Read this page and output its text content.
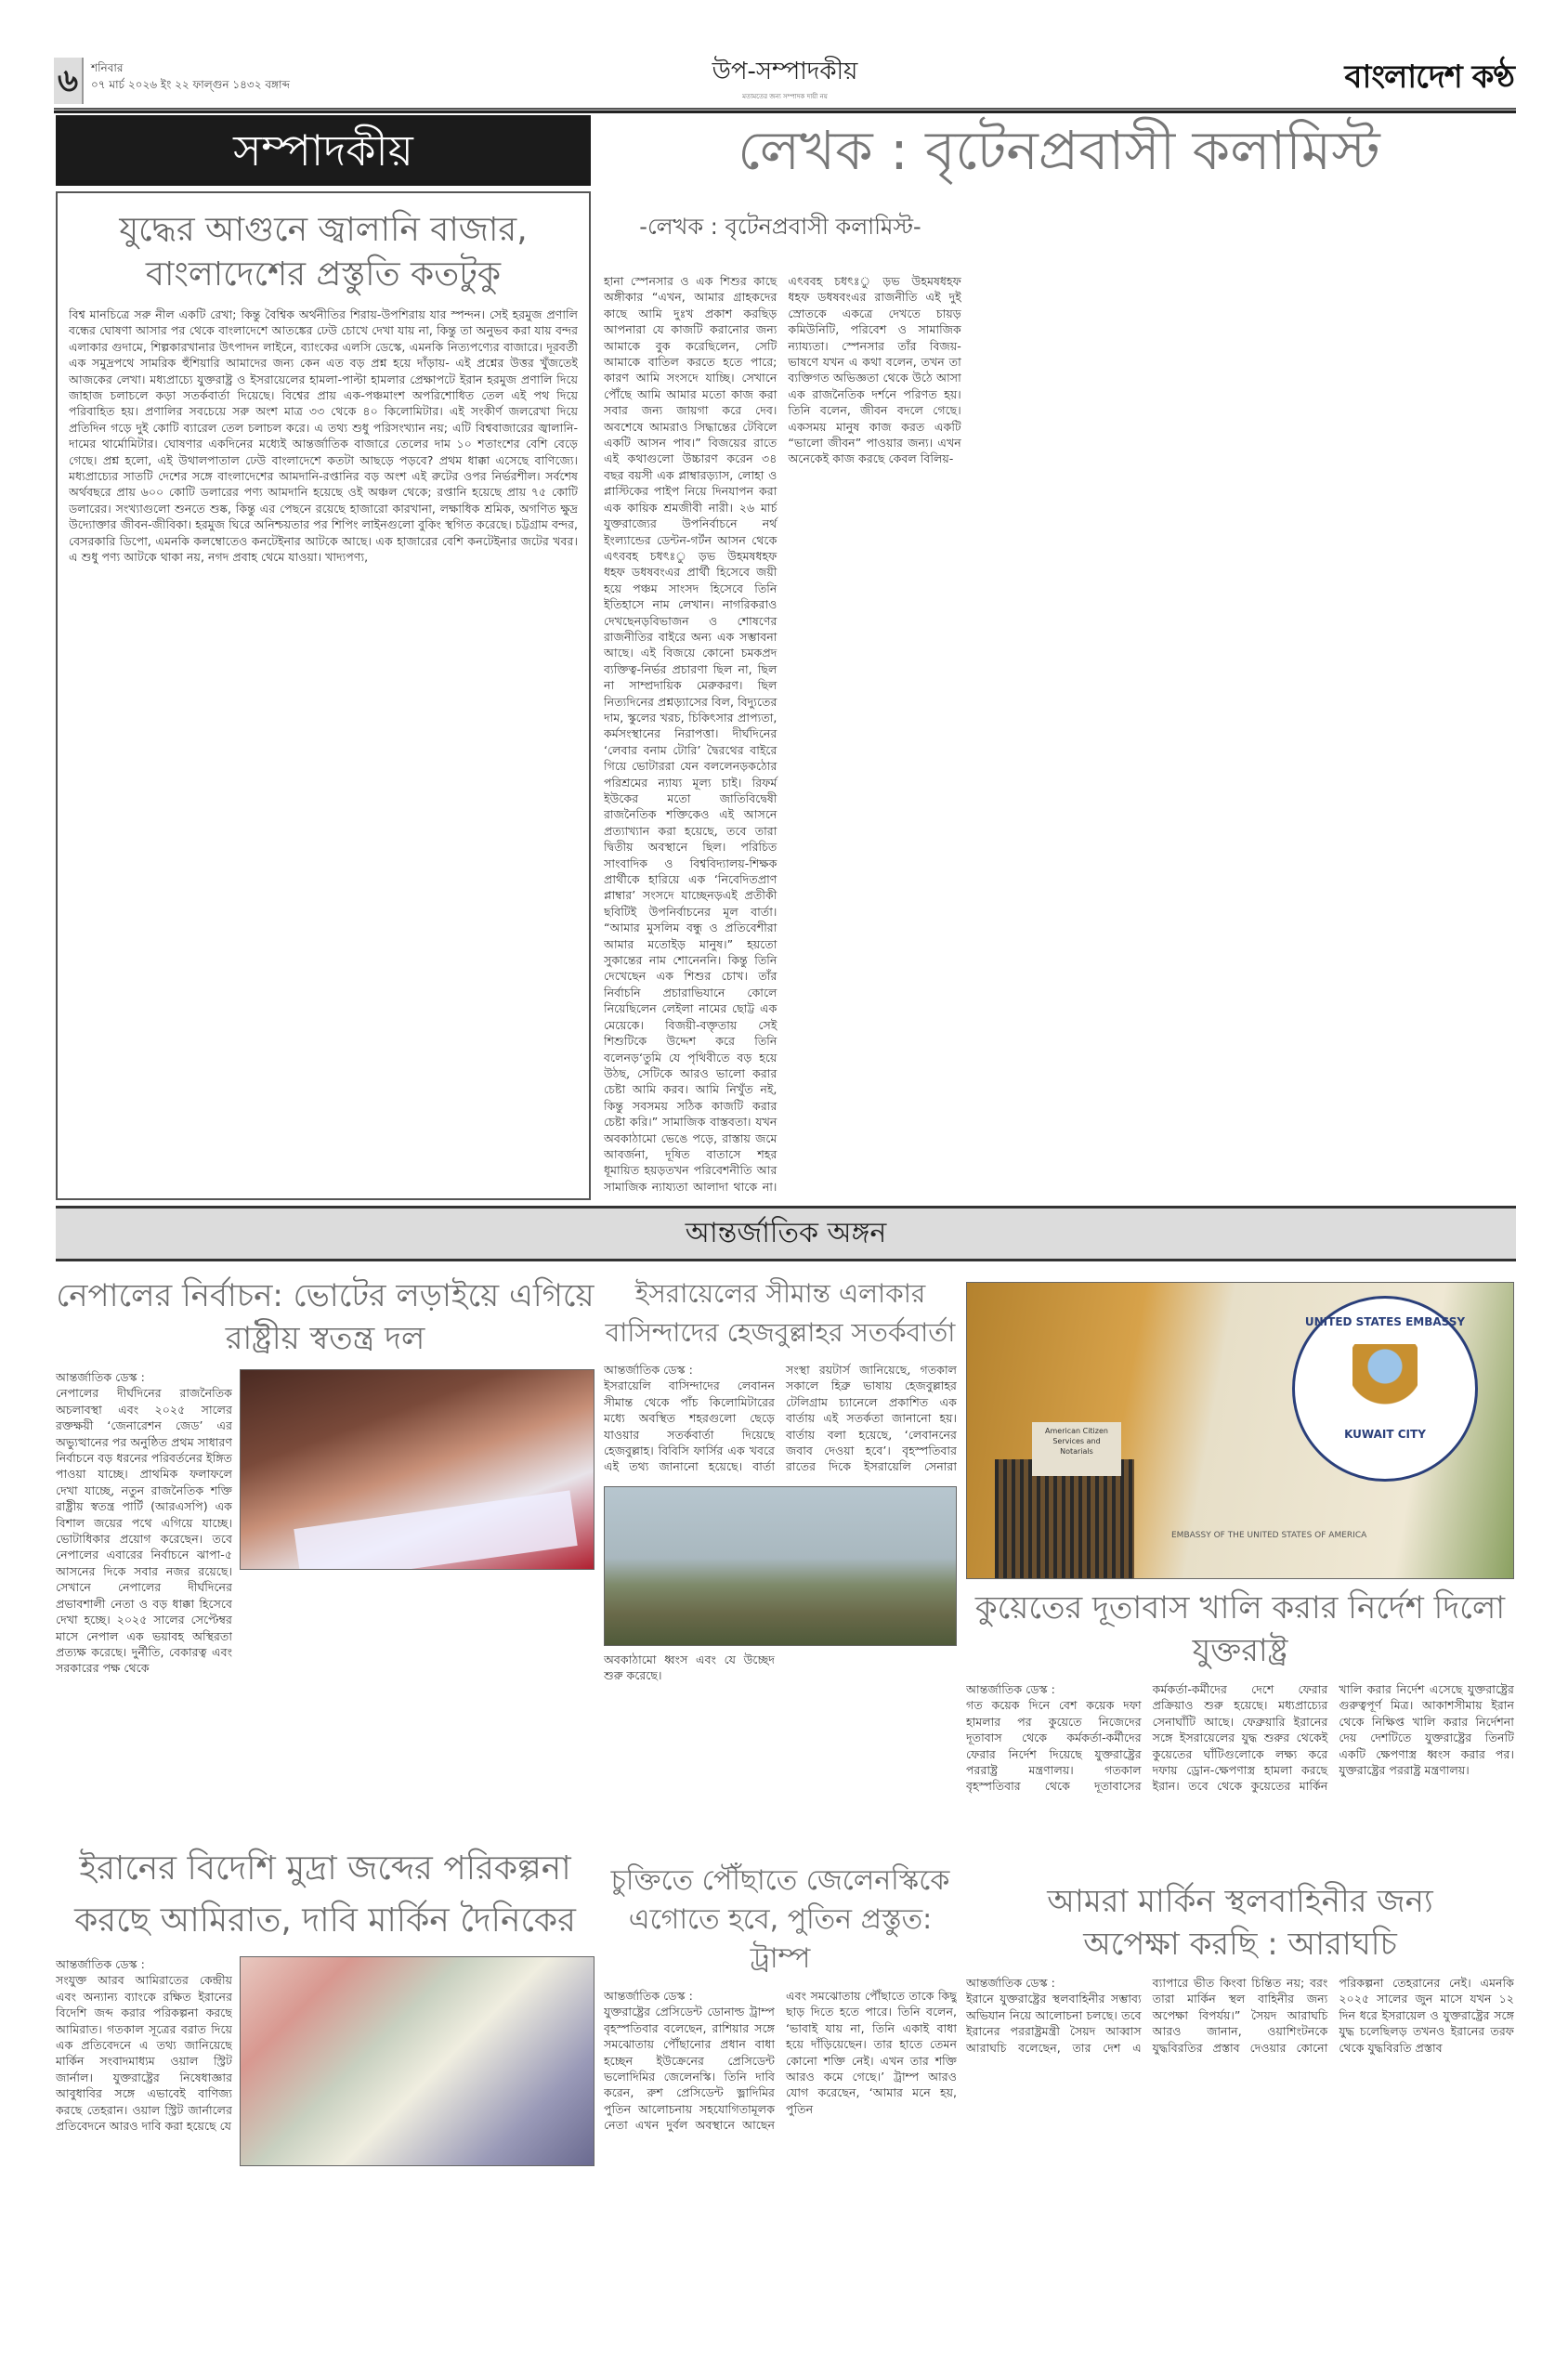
৬	শনিবার
০৭ মার্চ ২০২৬ ইং ২২ ফাল্গুন ১৪৩২ বঙ্গাব্দ	উপ-সম্পাদকীয়
মতামতের জন্য সম্পাদক দায়ী নয়
বাংলাদেশ কণ্ঠ
সম্পাদকীয়	লেখক : বৃটেনপ্রবাসী কলামিস্ট
যুদ্ধের আগুনে জ্বালানি বাজার, বাংলাদেশের প্রস্তুতি কতটুকু
বিশ্ব মানচিত্রে সরু নীল একটি রেখা; কিন্তু বৈশ্বিক অর্থনীতির শিরায়-উপশিরায় যার স্পন্দন। সেই হরমুজ প্রণালি বন্ধের ঘোষণা আসার পর থেকে বাংলাদেশে আতঙ্কের ঢেউ চোখে দেখা যায় না, কিন্তু তা অনুভব করা যায় বন্দর এলাকার গুদামে, শিল্পকারখানার উৎপাদন লাইনে, ব্যাংকের এলসি ডেস্কে, এমনকি নিত্যপণ্যের বাজারে। দূরবর্তী এক সমুদ্রপথে সামরিক হুঁশিয়ারি আমাদের জন্য কেন এত বড় প্রশ্ন হয়ে দাঁড়ায়- এই প্রশ্নের উত্তর খুঁজতেই আজকের লেখা। মধ্যপ্রাচ্যে যুক্তরাষ্ট্র ও ইসরায়েলের হামলা-পাল্টা হামলার প্রেক্ষাপটে ইরান হরমুজ প্রণালি দিয়ে জাহাজ চলাচলে কড়া সতর্কবার্তা দিয়েছে। বিশ্বের প্রায় এক-পঞ্চমাংশ অপরিশোধিত তেল এই পথ দিয়ে পরিবাহিত হয়। প্রণালির সবচেয়ে সরু অংশ মাত্র ৩৩ থেকে ৪০ কিলোমিটার। এই সংকীর্ণ জলরেখা দিয়ে প্রতিদিন গড়ে দুই কোটি ব্যারেল তেল চলাচল করে। এ তথ্য শুধু পরিসংখ্যান নয়; এটি বিশ্ববাজারের জ্বালানি-দামের থার্মোমিটার। ঘোষণার একদিনের মধ্যেই আন্তর্জাতিক বাজারে তেলের দাম ১০ শতাংশের বেশি বেড়ে গেছে। প্রশ্ন হলো, এই উথালপাতাল ঢেউ বাংলাদেশে কতটা আছড়ে পড়বে? প্রথম ধাক্কা এসেছে বাণিজ্যে। মধ্যপ্রাচ্যের সাতটি দেশের সঙ্গে বাংলাদেশের আমদানি-রপ্তানির বড় অংশ এই রুটের ওপর নির্ভরশীল। সর্বশেষ অর্থবছরে প্রায় ৬০০ কোটি ডলারের পণ্য আমদানি হয়েছে ওই অঞ্চল থেকে; রপ্তানি হয়েছে প্রায় ৭৫ কোটি ডলারের। সংখ্যাগুলো শুনতে শুষ্ক, কিন্তু এর পেছনে রয়েছে হাজারো কারখানা, লক্ষাধিক শ্রমিক, অগণিত ক্ষুদ্র উদ্যোক্তার জীবন-জীবিকা। হরমুজ ঘিরে অনিশ্চয়তার পর শিপিং লাইনগুলো বুকিং স্থগিত করেছে। চট্টগ্রাম বন্দর, বেসরকারি ডিপো, এমনকি কলম্বোতেও কনটেইনার আটকে আছে। এক হাজারের বেশি কনটেইনার জটের খবর। এ শুধু পণ্য আটকে থাকা নয়, নগদ প্রবাহ থেমে যাওয়া। খাদ্যপণ্য,
-লেখক : বৃটেনপ্রবাসী কলামিস্ট-
হানা স্পেনসার ও এক শিশুর কাছে অঙ্গীকার “এখন, আমার গ্রাহকদের কাছে আমি দুঃখ প্রকাশ করছিড় আপনারা যে কাজটি করানোর জন্য আমাকে বুক করেছিলেন, সেটি আমাকে বাতিল করতে হতে পারে; কারণ আমি সংসদে যাচ্ছি। সেখানে পৌঁছে আমি আমার মতো কাজ করা সবার জন্য জায়গা করে দেব। অবশেষে আমরাও সিদ্ধান্তের টেবিলে একটি আসন পাব।” বিজয়ের রাতে এই কথাগুলো উচ্চারণ করেন ৩৪ বছর বয়সী এক প্লাম্বারড়্যাস, লোহা ও প্লাস্টিকের পাইপ নিয়ে দিনযাপন করা এক কায়িক শ্রমজীবী নারী। ২৬ মার্চ যুক্তরাজ্যের উপনির্বাচনে নর্থ ইংল্যান্ডের ডেন্টন-গর্টন আসন থেকে এৎববহ চধৎঃু ড়ভ উহমষধহফ ধহফ ডধষবংএর প্রার্থী হিসেবে জয়ী হয়ে পঞ্চম সাংসদ হিসেবে তিনি ইতিহাসে নাম লেখান। নাগরিকরাও দেখছেনড়বিভাজন ও শোষণের রাজনীতির বাইরে অন্য এক সম্ভাবনা আছে। এই বিজয়ে কোনো চমকপ্রদ ব্যক্তিত্ব-নির্ভর প্রচারণা ছিল না, ছিল না সাম্প্রদায়িক মেরুকরণ। ছিল নিত্যদিনের প্রশ্নড়্যাসের বিল, বিদ্যুতের দাম, স্কুলের খরচ, চিকিৎসার প্রাপ্যতা, কর্মসংস্থানের নিরাপত্তা। দীর্ঘদিনের ‘লেবার বনাম টোরি’ দ্বৈরথের বাইরে গিয়ে ভোটাররা যেন বললেনড়কঠোর পরিশ্রমের ন্যায্য মূল্য চাই। রিফর্ম ইউকের মতো জাতিবিদ্বেষী রাজনৈতিক শক্তিকেও এই আসনে প্রত্যাখ্যান করা হয়েছে, তবে তারা দ্বিতীয় অবস্থানে ছিল। পরিচিত সাংবাদিক ও বিশ্ববিদ্যালয়-শিক্ষক প্রার্থীকে হারিয়ে এক ‘নিবেদিতপ্রাণ প্লাম্বার’ সংসদে যাচ্ছেনড়এই প্রতীকী ছবিটিই উপনির্বাচনের মূল বার্তা। “আমার মুসলিম বন্ধু ও প্রতিবেশীরা আমার মতোইড় মানুষ।” হয়তো সুকান্তের নাম শোনেননি। কিন্তু তিনি দেখেছেন এক শিশুর চোখ। তাঁর নির্বাচনি প্রচারাভিযানে কোলে নিয়েছিলেন লেইলা নামের ছোট্ট এক মেয়েকে। বিজয়ী-বক্তৃতায় সেই শিশুটিকে উদ্দেশ করে তিনি বলেনড়‘তুমি যে পৃথিবীতে বড় হয়ে উঠছ, সেটিকে আরও ভালো করার চেষ্টা আমি করব। আমি নিখুঁত নই, কিন্তু সবসময় সঠিক কাজটি করার চেষ্টা করি।” সামাজিক বাস্তবতা। যখন অবকাঠামো ভেঙে পড়ে, রাস্তায় জমে আবর্জনা, দূষিত বাতাসে শহর ধূমায়িত হয়ড়তখন পরিবেশনীতি আর সামাজিক ন্যায্যতা আলাদা থাকে না। এৎববহ চধৎঃু ড়ভ উহমষধহফ ধহফ ডধষবংএর রাজনীতি এই দুই স্রোতকে একত্রে দেখতে চায়ড় কমিউনিটি, পরিবেশ ও সামাজিক ন্যায্যতা। স্পেনসার তাঁর বিজয়-ভাষণে যখন এ কথা বলেন, তখন তা ব্যক্তিগত অভিজ্ঞতা থেকে উঠে আসা এক রাজনৈতিক দর্শনে পরিণত হয়। তিনি বলেন, জীবন বদলে গেছে। একসময় মানুষ কাজ করত একটি “ভালো জীবন” পাওয়ার জন্য। এখন অনেকেই কাজ করছে কেবল বিলিয়-
আন্তর্জাতিক অঙ্গন
নেপালের নির্বাচন: ভোটের লড়াইয়ে এগিয়ে রাষ্ট্রীয় স্বতন্ত্র দল
আন্তর্জাতিক ডেস্ক :
নেপালের দীর্ঘদিনের রাজনৈতিক অচলাবস্থা এবং ২০২৫ সালের রক্তক্ষয়ী ‘জেনারেশন জেড’ এর অভ্যুত্থানের পর অনুষ্ঠিত প্রথম সাধারণ নির্বাচনে বড় ধরনের পরিবর্তনের ইঙ্গিত পাওয়া যাচ্ছে। প্রাথমিক ফলাফলে দেখা যাচ্ছে, নতুন রাজনৈতিক শক্তি রাষ্ট্রীয় স্বতন্ত্র পার্টি (আরএসপি) এক বিশাল জয়ের পথে এগিয়ে যাচ্ছে। ভোটাধিকার প্রয়োগ করেছেন। তবে নেপালের এবারের নির্বাচনে ঝাপা-৫ আসনের দিকে সবার নজর রয়েছে। সেখানে নেপালের দীর্ঘদিনের প্রভাবশালী নেতা ও বড় ধাক্কা হিসেবে দেখা হচ্ছে। ২০২৫ সালের সেপ্টেম্বর মাসে নেপাল এক ভয়াবহ অস্থিরতা প্রত্যক্ষ করেছে। দুর্নীতি, বেকারত্ব এবং সরকারের পক্ষ থেকে
ইসরায়েলের সীমান্ত এলাকার বাসিন্দাদের হেজবুল্লাহর সতর্কবার্তা
আন্তর্জাতিক ডেস্ক :
ইসরায়েলি বাসিন্দাদের লেবানন সীমান্ত থেকে পাঁচ কিলোমিটারের মধ্যে অবস্থিত শহরগুলো ছেড়ে যাওয়ার সতর্কবার্তা দিয়েছে হেজবুল্লাহ। বিবিসি ফার্সির এক খবরে এই তথ্য জানানো হয়েছে। বার্তা সংস্থা রয়টার্স জানিয়েছে, গতকাল সকালে হিব্রু ভাষায় হেজবুল্লাহর টেলিগ্রাম চ্যানেলে প্রকাশিত এক বার্তায় এই সতর্কতা জানানো হয়। বার্তায় বলা হয়েছে, ‘লেবাননের জবাব দেওয়া হবে’। বৃহস্পতিবার রাতের দিকে ইসরায়েলি সেনারা
অবকাঠামো ধ্বংস এবং যে উচ্ছেদ শুরু করেছে।
American Citizen Services and Notarials
EMBASSY OF THE UNITED STATES OF AMERICA
UNITED STATES EMBASSY
KUWAIT CITY
কুয়েতের দূতাবাস খালি করার নির্দেশ দিলো যুক্তরাষ্ট্র
আন্তর্জাতিক ডেস্ক :
গত কয়েক দিনে বেশ কয়েক দফা হামলার পর কুয়েতে নিজেদের দূতাবাস থেকে কর্মকর্তা-কর্মীদের ফেরার নির্দেশ দিয়েছে যুক্তরাষ্ট্রের পররাষ্ট্র মন্ত্রণালয়। গতকাল বৃহস্পতিবার থেকে দূতাবাসের কর্মকর্তা-কর্মীদের দেশে ফেরার প্রক্রিয়াও শুরু হয়েছে। মধ্যপ্রাচ্যের সেনাঘাঁটি আছে। ফেব্রুয়ারি ইরানের সঙ্গে ইসরায়েলের যুদ্ধ শুরুর থেকেই কুয়েতের ঘাঁটিগুলোকে লক্ষ্য করে দফায় ড্রোন-ক্ষেপণাস্ত্র হামলা করছে ইরান। তবে থেকে কুয়েতের মার্কিন খালি করার নির্দেশ এসেছে যুক্তরাষ্ট্রের গুরুত্বপূর্ণ মিত্র। আকাশসীমায় ইরান থেকে নিক্ষিপ্ত খালি করার নির্দেশনা দেয় দেশটিতে যুক্তরাষ্ট্রের তিনটি একটি ক্ষেপণাস্ত্র ধ্বংস করার পর। যুক্তরাষ্ট্রের পররাষ্ট্র মন্ত্রণালয়।
ইরানের বিদেশি মুদ্রা জব্দের পরিকল্পনা করছে আমিরাত, দাবি মার্কিন দৈনিকের
আন্তর্জাতিক ডেস্ক :
সংযুক্ত আরব আমিরাতের কেন্দ্রীয় এবং অন্যান্য ব্যাংকে রক্ষিত ইরানের বিদেশি জব্দ করার পরিকল্পনা করছে আমিরাত। গতকাল সূত্রের বরাত দিয়ে এক প্রতিবেদনে এ তথ্য জানিয়েছে মার্কিন সংবাদমাধ্যম ওয়াল স্ট্রিট জার্নাল। যুক্তরাষ্ট্রের নিষেধাজ্ঞার আবুধাবির সঙ্গে এভাবেই বাণিজ্য করছে তেহরান। ওয়াল স্ট্রিট জার্নালের প্রতিবেদনে আরও দাবি করা হয়েছে যে
চুক্তিতে পৌঁছাতে জেলেনস্কিকে এগোতে হবে, পুতিন প্রস্তুত: ট্রাম্প
আন্তর্জাতিক ডেস্ক :
যুক্তরাষ্ট্রের প্রেসিডেন্ট ডোনাল্ড ট্রাম্প বৃহস্পতিবার বলেছেন, রাশিয়ার সঙ্গে সমঝোতায় পৌঁছানোর প্রধান বাধা হচ্ছেন ইউক্রেনের প্রেসিডেন্ট ভলোদিমির জেলেনস্কি। তিনি দাবি করেন, রুশ প্রেসিডেন্ট ভ্লাদিমির পুতিন আলোচনায় সহযোগিতামূলক নেতা এখন দুর্বল অবস্থানে আছেন এবং সমঝোতায় পৌঁছাতে তাকে কিছু ছাড় দিতে হতে পারে। তিনি বলেন, ‘ভাবাই যায় না, তিনি একাই বাধা হয়ে দাঁড়িয়েছেন। তার হাতে তেমন কোনো শক্তি নেই। এখন তার শক্তি আরও কমে গেছে।’ ট্রাম্প আরও যোগ করেছেন, ‘আমার মনে হয়, পুতিন
আমরা মার্কিন স্থলবাহিনীর জন্য অপেক্ষা করছি : আরাঘচি
আন্তর্জাতিক ডেস্ক :
ইরানে যুক্তরাষ্ট্রের স্থলবাহিনীর সম্ভাব্য অভিযান নিয়ে আলোচনা চলছে। তবে ইরানের পররাষ্ট্রমন্ত্রী সৈয়দ আব্বাস আরাঘচি বলেছেন, তার দেশ এ ব্যাপারে ভীত কিংবা চিন্তিত নয়; বরং তারা মার্কিন স্থল বাহিনীর জন্য অপেক্ষা বিপর্যয়।” সৈয়দ আরাঘচি আরও জানান, ওয়াশিংটনকে যুদ্ধবিরতির প্রস্তাব দেওয়ার কোনো পরিকল্পনা তেহরানের নেই। এমনকি ২০২৫ সালের জুন মাসে যখন ১২ দিন ধরে ইসরায়েল ও যুক্তরাষ্ট্রের সঙ্গে যুদ্ধ চলেছিলড় তখনও ইরানের তরফ থেকে যুদ্ধবিরতি প্রস্তাব
